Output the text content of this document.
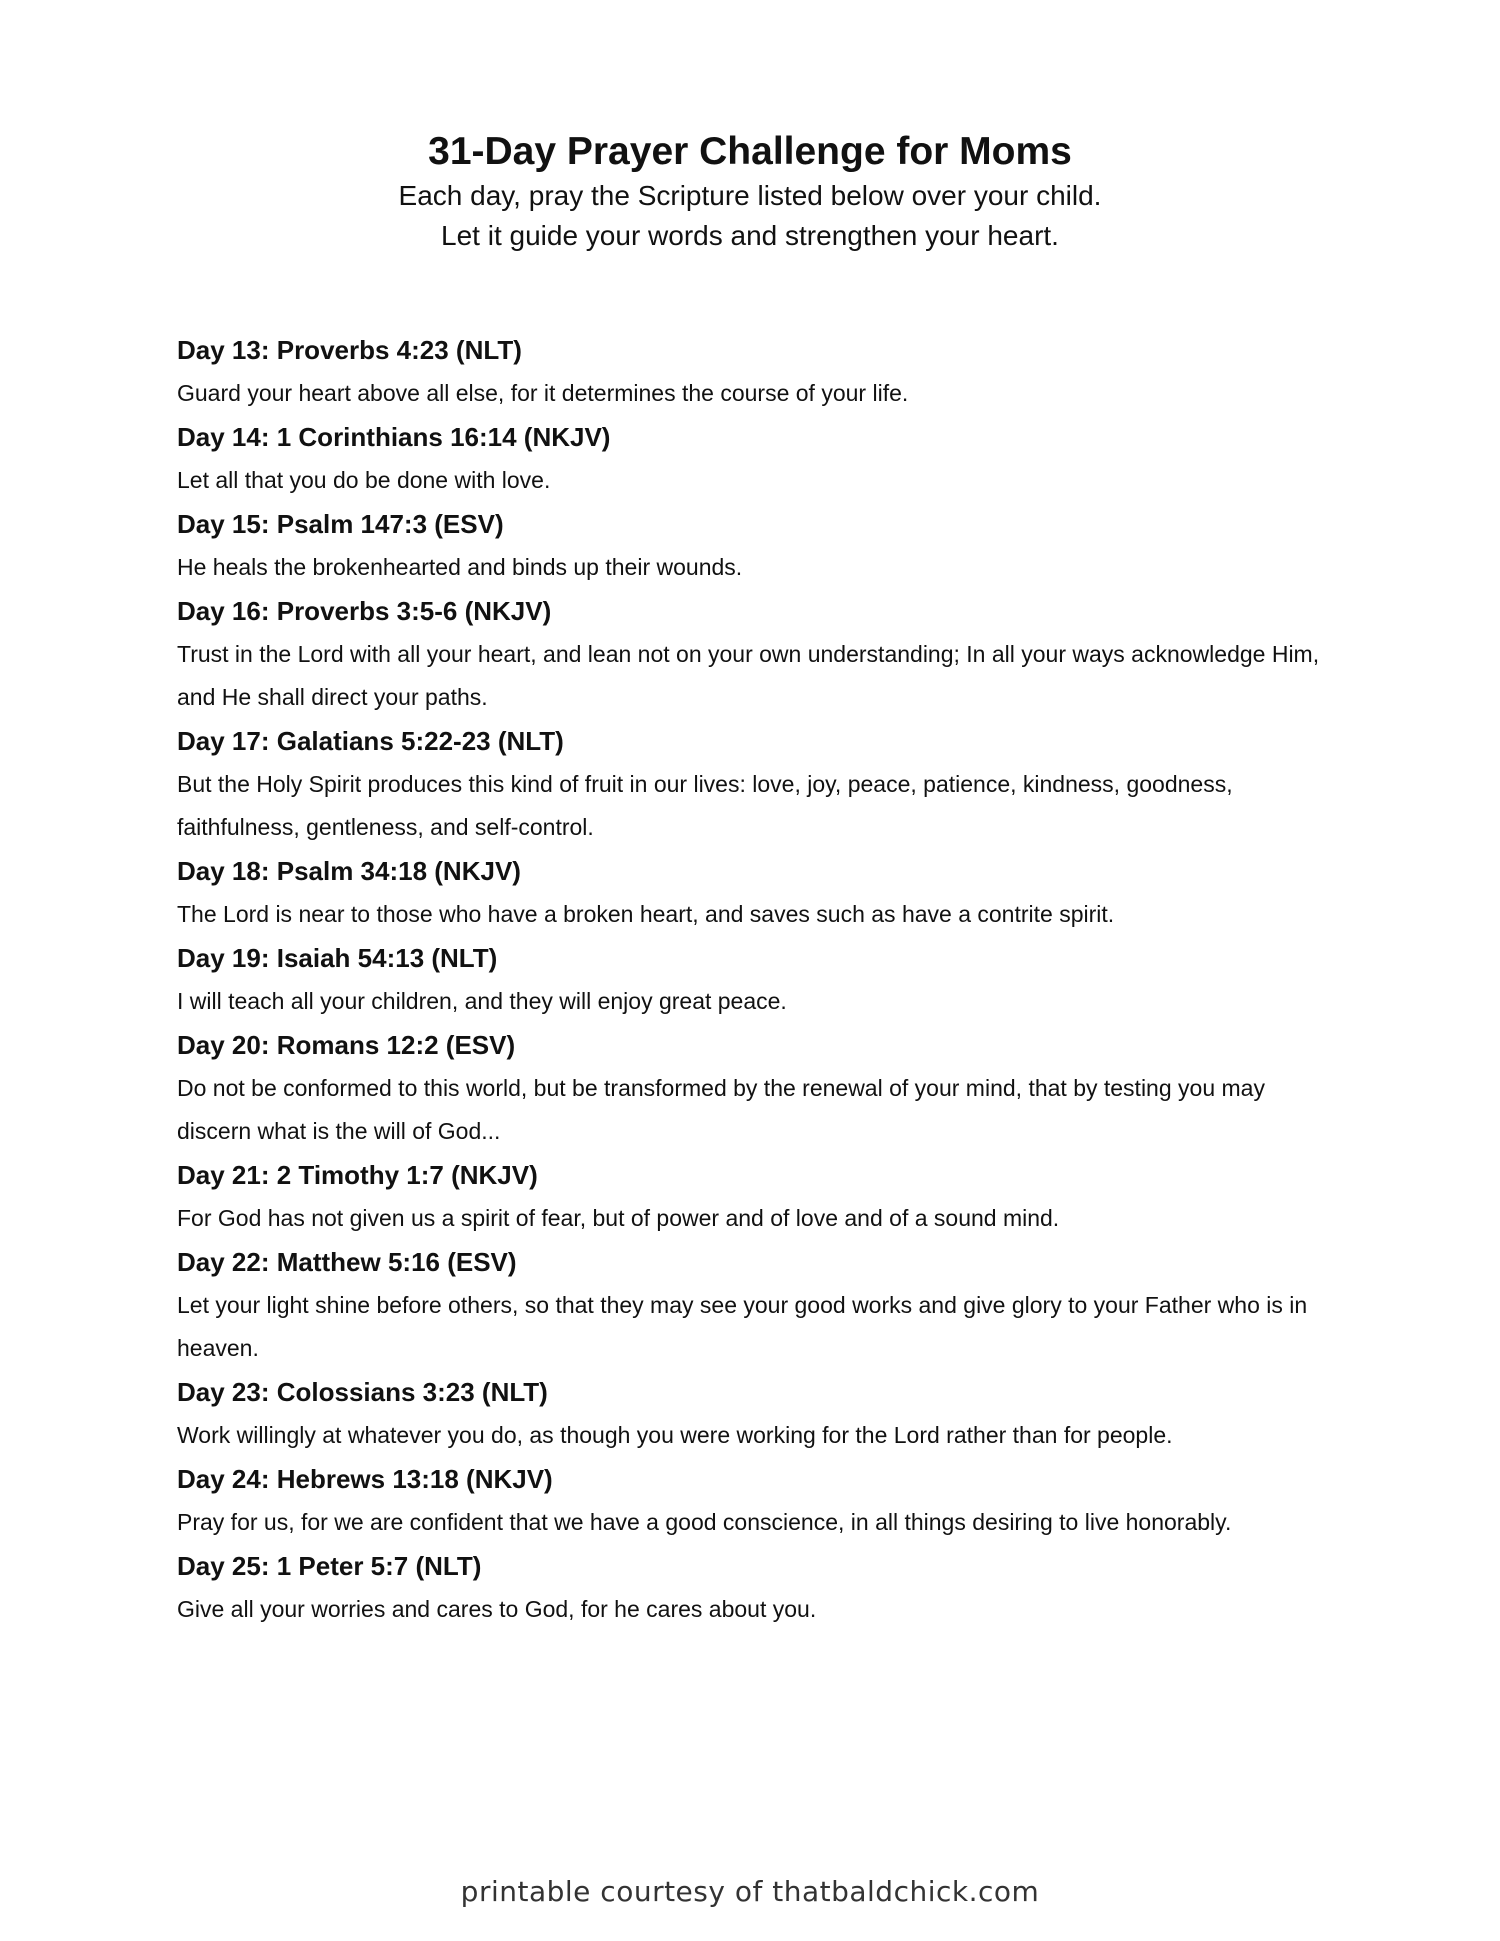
31-Day Prayer Challenge for Moms

Each day, pray the Scripture listed below over your child.

Let it guide your words and strengthen your heart.

Day 13: Proverbs 4:23 (NLT)

Guard your heart above all else, for it determines the course of your life.

Day 14: 1 Corinthians 16:14 (NKJV)

Let all that you do be done with love.

Day 15: Psalm 147:3 (ESV)

He heals the brokenhearted and binds up their wounds.

Day 16: Proverbs 3:5-6 (NKJV)

Trust in the Lord with all your heart, and lean not on your own understanding; In all your ways acknowledge Him, and He shall direct your paths.

Day 17: Galatians 5:22-23 (NLT)

But the Holy Spirit produces this kind of fruit in our lives: love, joy, peace, patience, kindness, goodness, faithfulness, gentleness, and self-control.

Day 18: Psalm 34:18 (NKJV)

The Lord is near to those who have a broken heart, and saves such as have a contrite spirit.

Day 19: Isaiah 54:13 (NLT)

I will teach all your children, and they will enjoy great peace.

Day 20: Romans 12:2 (ESV)

Do not be conformed to this world, but be transformed by the renewal of your mind, that by testing you may discern what is the will of God...

Day 21: 2 Timothy 1:7 (NKJV)

For God has not given us a spirit of fear, but of power and of love and of a sound mind.

Day 22: Matthew 5:16 (ESV)

Let your light shine before others, so that they may see your good works and give glory to your Father who is in heaven.

Day 23: Colossians 3:23 (NLT)

Work willingly at whatever you do, as though you were working for the Lord rather than for people.

Day 24: Hebrews 13:18 (NKJV)

Pray for us, for we are confident that we have a good conscience, in all things desiring to live honorably.

Day 25: 1 Peter 5:7 (NLT)

Give all your worries and cares to God, for he cares about you.

printable courtesy of thatbaldchick.com
